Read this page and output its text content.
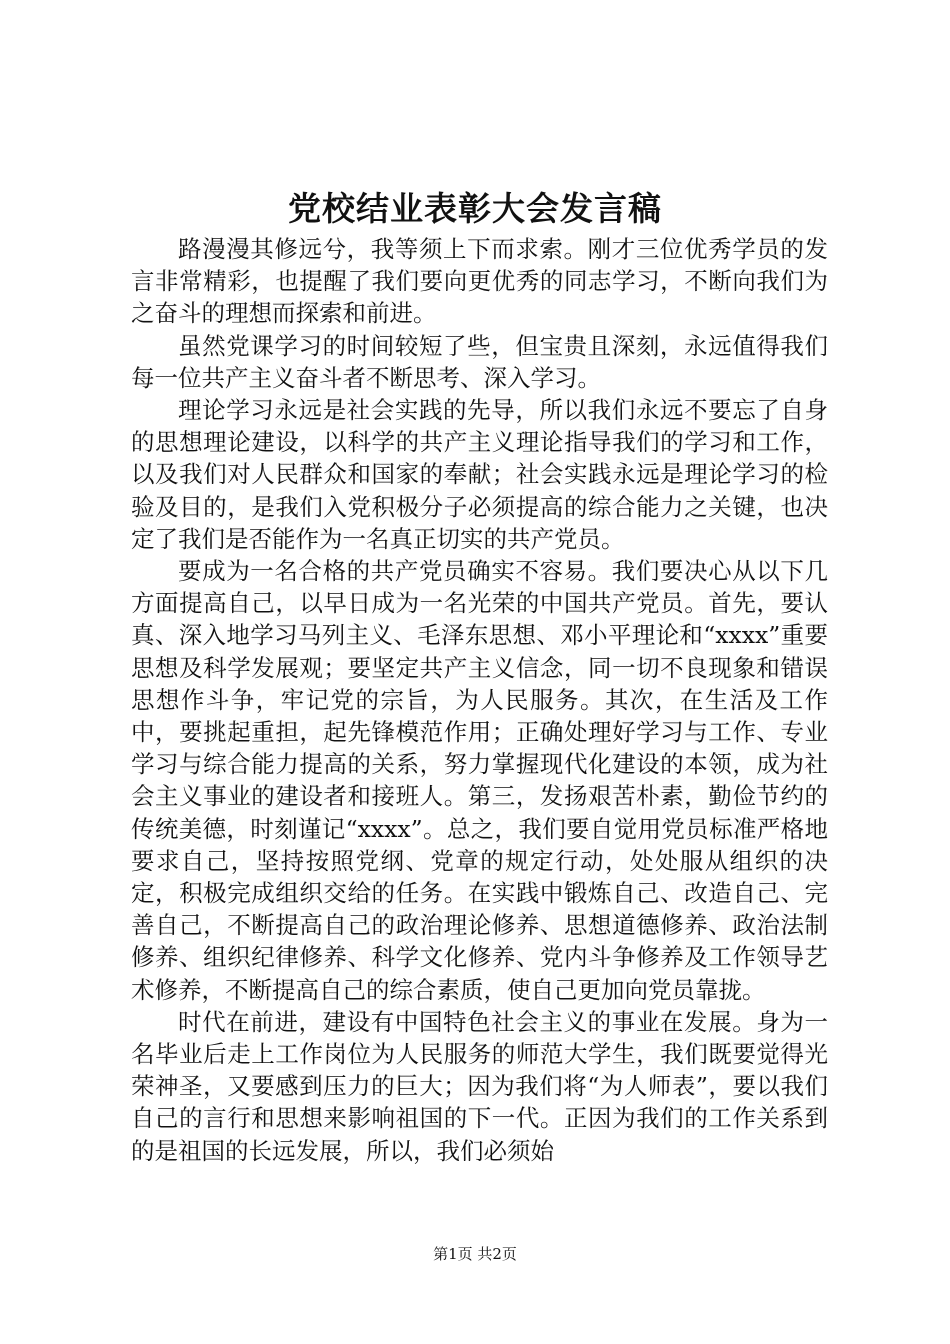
党校结业表彰大会发言稿

路漫漫其修远兮，我等须上下而求索。刚才三位优秀学员的发言非常精彩，也提醒了我们要向更优秀的同志学习，不断向我们为之奋斗的理想而探索和前进。

虽然党课学习的时间较短了些，但宝贵且深刻，永远值得我们每一位共产主义奋斗者不断思考、深入学习。

理论学习永远是社会实践的先导，所以我们永远不要忘了自身的思想理论建设，以科学的共产主义理论指导我们的学习和工作，以及我们对人民群众和国家的奉献；社会实践永远是理论学习的检验及目的，是我们入党积极分子必须提高的综合能力之关键，也决定了我们是否能作为一名真正切实的共产党员。

要成为一名合格的共产党员确实不容易。我们要决心从以下几方面提高自己，以早日成为一名光荣的中国共产党员。首先，要认真、深入地学习马列主义、毛泽东思想、邓小平理论和“xxxx”重要思想及科学发展观；要坚定共产主义信念，同一切不良现象和错误思想作斗争，牢记党的宗旨，为人民服务。其次，在生活及工作中，要挑起重担，起先锋模范作用；正确处理好学习与工作、专业学习与综合能力提高的关系，努力掌握现代化建设的本领，成为社会主义事业的建设者和接班人。第三，发扬艰苦朴素，勤俭节约的传统美德，时刻谨记“xxxx”。总之，我们要自觉用党员标准严格地要求自己，坚持按照党纲、党章的规定行动，处处服从组织的决定，积极完成组织交给的任务。在实践中锻炼自己、改造自己、完善自己，不断提高自己的政治理论修养、思想道德修养、政治法制修养、组织纪律修养、科学文化修养、党内斗争修养及工作领导艺术修养，不断提高自己的综合素质，使自己更加向党员靠拢。

时代在前进，建设有中国特色社会主义的事业在发展。身为一名毕业后走上工作岗位为人民服务的师范大学生，我们既要觉得光荣神圣，又要感到压力的巨大；因为我们将“为人师表”，要以我们自己的言行和思想来影响祖国的下一代。正因为我们的工作关系到的是祖国的长远发展，所以，我们必须始

第1页 共2页
